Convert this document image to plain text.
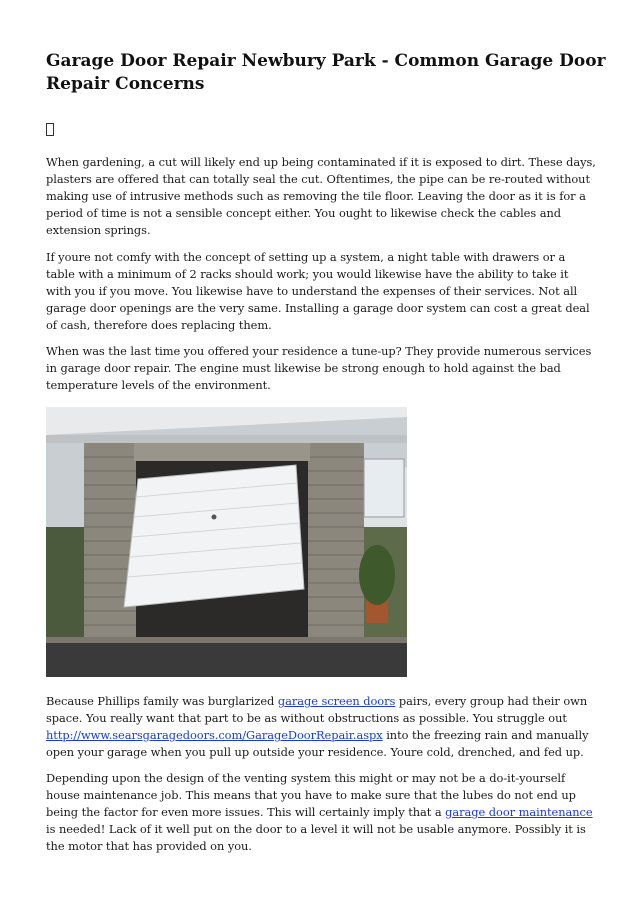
Garage Door Repair Newbury Park - Common Garage Door Repair Concerns

When gardening, a cut will likely end up being contaminated if it is exposed to dirt. These days, plasters are offered that can totally seal the cut. Oftentimes, the pipe can be re-routed without making use of intrusive methods such as removing the tile floor. Leaving the door as it is for a period of time is not a sensible concept either. You ought to likewise check the cables and extension springs.

If youre not comfy with the concept of setting up a system, a night table with drawers or a table with a minimum of 2 racks should work; you would likewise have the ability to take it with you if you move. You likewise have to understand the expenses of their services. Not all garage door openings are the very same. Installing a garage door system can cost a great deal of cash, therefore does replacing them.

When was the last time you offered your residence a tune-up? They provide numerous services in garage door repair. The engine must likewise be strong enough to hold against the bad temperature levels of the environment.

Because Phillips family was burglarized garage screen doors pairs, every group had their own space. You really want that part to be as without obstructions as possible. You struggle out http://www.searsgaragedoors.com/GarageDoorRepair.aspx into the freezing rain and manually open your garage when you pull up outside your residence. Youre cold, drenched, and fed up.

Depending upon the design of the venting system this might or may not be a do-it-yourself house maintenance job. This means that you have to make sure that the lubes do not end up being the factor for even more issues. This will certainly imply that a garage door maintenance is needed! Lack of it well put on the door to a level it will not be usable anymore. Possibly it is the motor that has provided on you.
